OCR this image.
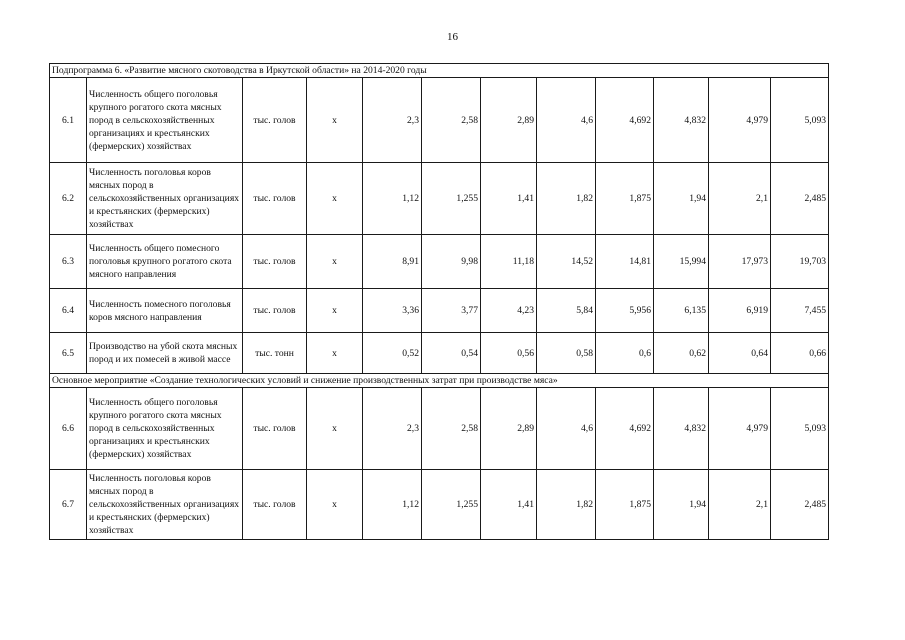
16
Подпрограмма 6. «Развитие мясного скотоводства в Иркутской области» на 2014-2020 годы											
6.1	Численность общего поголовья крупного рогатого скота мясных пород в сельскохозяйственных организациях и крестьянских (фермерских) хозяйствах	тыс. голов	х	2,3	2,58	2,89	4,6	4,692	4,832	4,979	5,093
6.2	Численность поголовья коров мясных пород в сельскохозяйственных организациях и крестьянских (фермерских) хозяйствах	тыс. голов	х	1,12	1,255	1,41	1,82	1,875	1,94	2,1	2,485
6.3	Численность общего помесного поголовья крупного рогатого скота мясного направления	тыс. голов	х	8,91	9,98	11,18	14,52	14,81	15,994	17,973	19,703
6.4	Численность помесного поголовья коров мясного направления	тыс. голов	х	3,36	3,77	4,23	5,84	5,956	6,135	6,919	7,455
6.5	Производство на убой скота мясных пород и их помесей в живой массе	тыс. тонн	х	0,52	0,54	0,56	0,58	0,6	0,62	0,64	0,66
Основное мероприятие «Создание технологических условий и снижение производственных затрат при производстве мяса»											
6.6	Численность общего поголовья крупного рогатого скота мясных пород в сельскохозяйственных организациях и крестьянских (фермерских) хозяйствах	тыс. голов	х	2,3	2,58	2,89	4,6	4,692	4,832	4,979	5,093
6.7	Численность поголовья коров мясных пород в сельскохозяйственных организациях и крестьянских (фермерских) хозяйствах	тыс. голов	х	1,12	1,255	1,41	1,82	1,875	1,94	2,1	2,485
